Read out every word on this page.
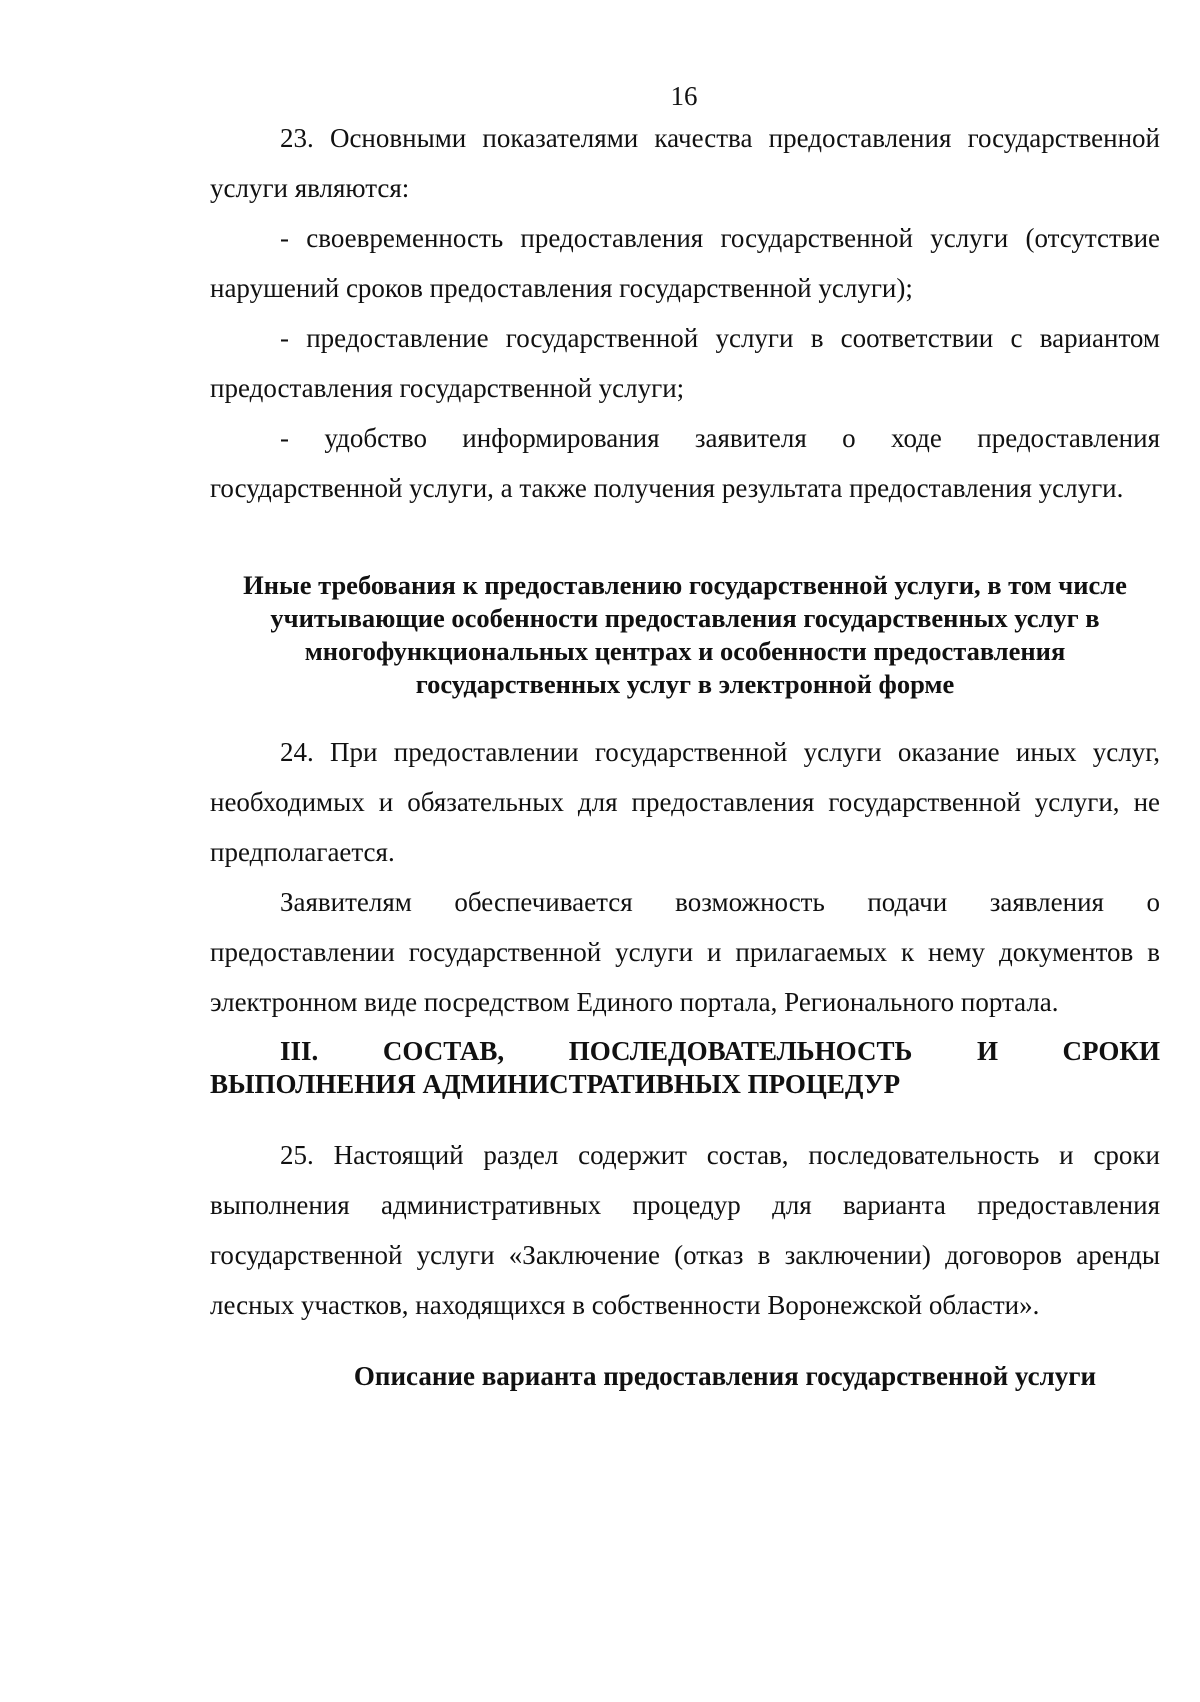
16

23. Основными показателями качества предоставления государственной услуги являются:

- своевременность предоставления государственной услуги (отсутствие нарушений сроков предоставления государственной услуги);

- предоставление государственной услуги в соответствии с вариантом предоставления государственной услуги;

- удобство информирования заявителя о ходе предоставления государственной услуги, а также получения результата предоставления услуги.

Иные требования к предоставлению государственной услуги, в том числе учитывающие особенности предоставления государственных услуг в многофункциональных центрах и особенности предоставления государственных услуг в электронной форме

24. При предоставлении государственной услуги оказание иных услуг, необходимых и обязательных для предоставления государственной услуги, не предполагается.

Заявителям обеспечивается возможность подачи заявления о предоставлении государственной услуги и прилагаемых к нему документов в электронном виде посредством Единого портала, Регионального портала.

III. СОСТАВ, ПОСЛЕДОВАТЕЛЬНОСТЬ И СРОКИ
ВЫПОЛНЕНИЯ АДМИНИСТРАТИВНЫХ ПРОЦЕДУР

25. Настоящий раздел содержит состав, последовательность и сроки выполнения административных процедур для варианта предоставления государственной услуги «Заключение (отказ в заключении) договоров аренды лесных участков, находящихся в собственности Воронежской области».

Описание варианта предоставления государственной услуги
